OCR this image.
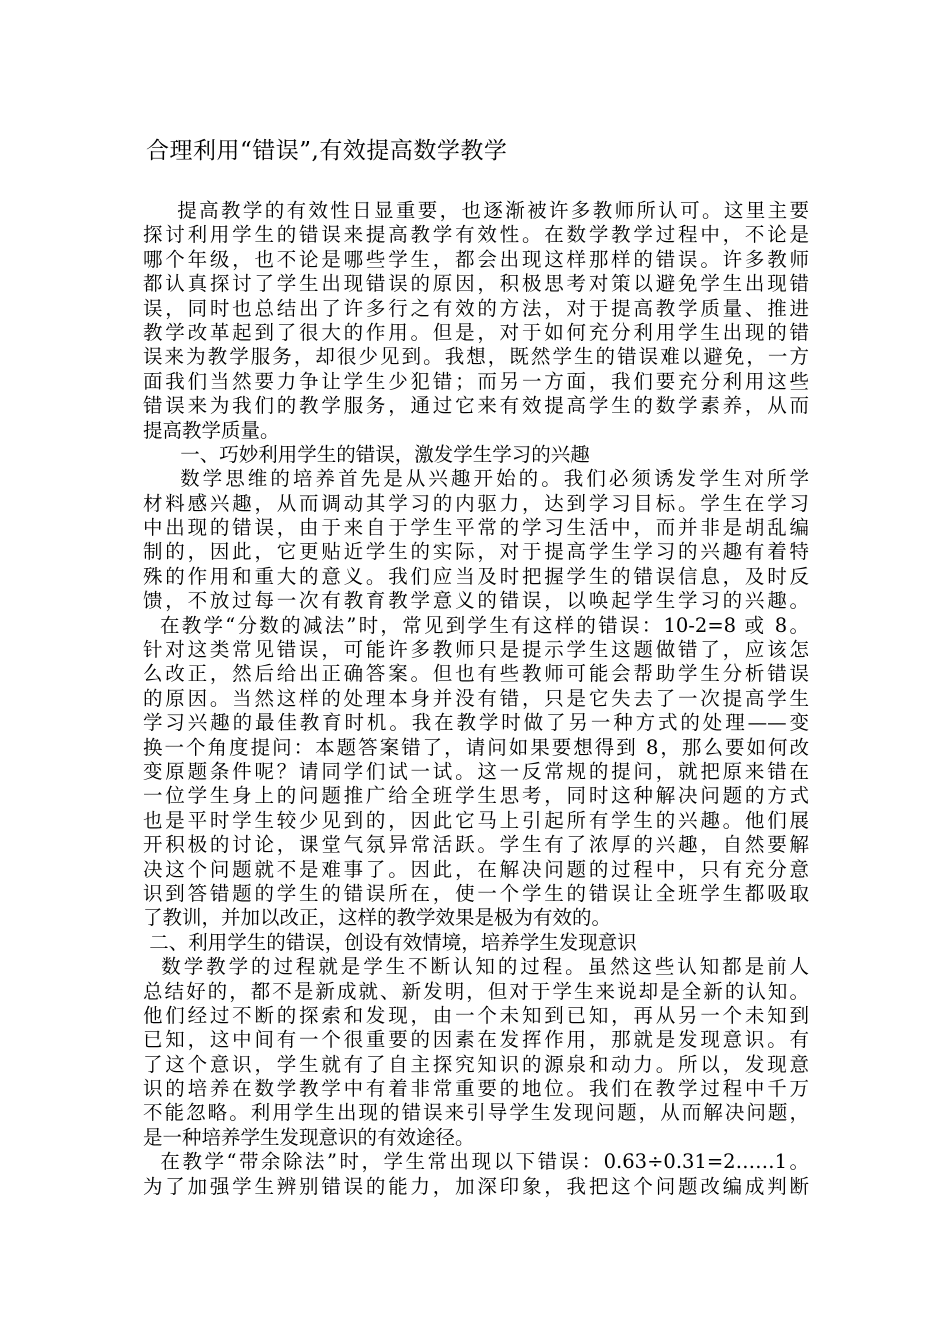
合理利用“错误”,有效提高数学教学
提高教学的有效性日显重要，也逐渐被许多教师所认可。这里主要
探讨利用学生的错误来提高教学有效性。在数学教学过程中，不论是
哪个年级，也不论是哪些学生，都会出现这样那样的错误。许多教师
都认真探讨了学生出现错误的原因，积极思考对策以避免学生出现错
误，同时也总结出了许多行之有效的方法，对于提高教学质量、推进
教学改革起到了很大的作用。但是，对于如何充分利用学生出现的错
误来为教学服务，却很少见到。我想，既然学生的错误难以避免，一方
面我们当然要力争让学生少犯错；而另一方面，我们要充分利用这些
错误来为我们的教学服务，通过它来有效提高学生的数学素养，从而
提高教学质量。
一、巧妙利用学生的错误，激发学生学习的兴趣
数学思维的培养首先是从兴趣开始的。我们必须诱发学生对所学
材料感兴趣，从而调动其学习的内驱力，达到学习目标。学生在学习
中出现的错误，由于来自于学生平常的学习生活中，而并非是胡乱编
制的，因此，它更贴近学生的实际，对于提高学生学习的兴趣有着特
殊的作用和重大的意义。我们应当及时把握学生的错误信息，及时反
馈，不放过每一次有教育教学意义的错误，以唤起学生学习的兴趣。
在教学“分数的减法”时，常见到学生有这样的错误：10-2=8 或 8。
针对这类常见错误，可能许多教师只是提示学生这题做错了，应该怎
么改正，然后给出正确答案。但也有些教师可能会帮助学生分析错误
的原因。当然这样的处理本身并没有错，只是它失去了一次提高学生
学习兴趣的最佳教育时机。我在教学时做了另一种方式的处理——变
换一个角度提问：本题答案错了，请问如果要想得到 8，那么要如何改
变原题条件呢？请同学们试一试。这一反常规的提问，就把原来错在
一位学生身上的问题推广给全班学生思考，同时这种解决问题的方式
也是平时学生较少见到的，因此它马上引起所有学生的兴趣。他们展
开积极的讨论，课堂气氛异常活跃。学生有了浓厚的兴趣，自然要解
决这个问题就不是难事了。因此，在解决问题的过程中，只有充分意
识到答错题的学生的错误所在，使一个学生的错误让全班学生都吸取
了教训，并加以改正，这样的教学效果是极为有效的。
二、利用学生的错误，创设有效情境，培养学生发现意识
数学教学的过程就是学生不断认知的过程。虽然这些认知都是前人
总结好的，都不是新成就、新发明，但对于学生来说却是全新的认知。
他们经过不断的探索和发现，由一个未知到已知，再从另一个未知到
已知，这中间有一个很重要的因素在发挥作用，那就是发现意识。有
了这个意识，学生就有了自主探究知识的源泉和动力。所以，发现意
识的培养在数学教学中有着非常重要的地位。我们在教学过程中千万
不能忽略。利用学生出现的错误来引导学生发现问题，从而解决问题，
是一种培养学生发现意识的有效途径。
在教学“带余除法”时，学生常出现以下错误：0.63÷0.31=2……1。
为了加强学生辨别错误的能力，加深印象，我把这个问题改编成判断
